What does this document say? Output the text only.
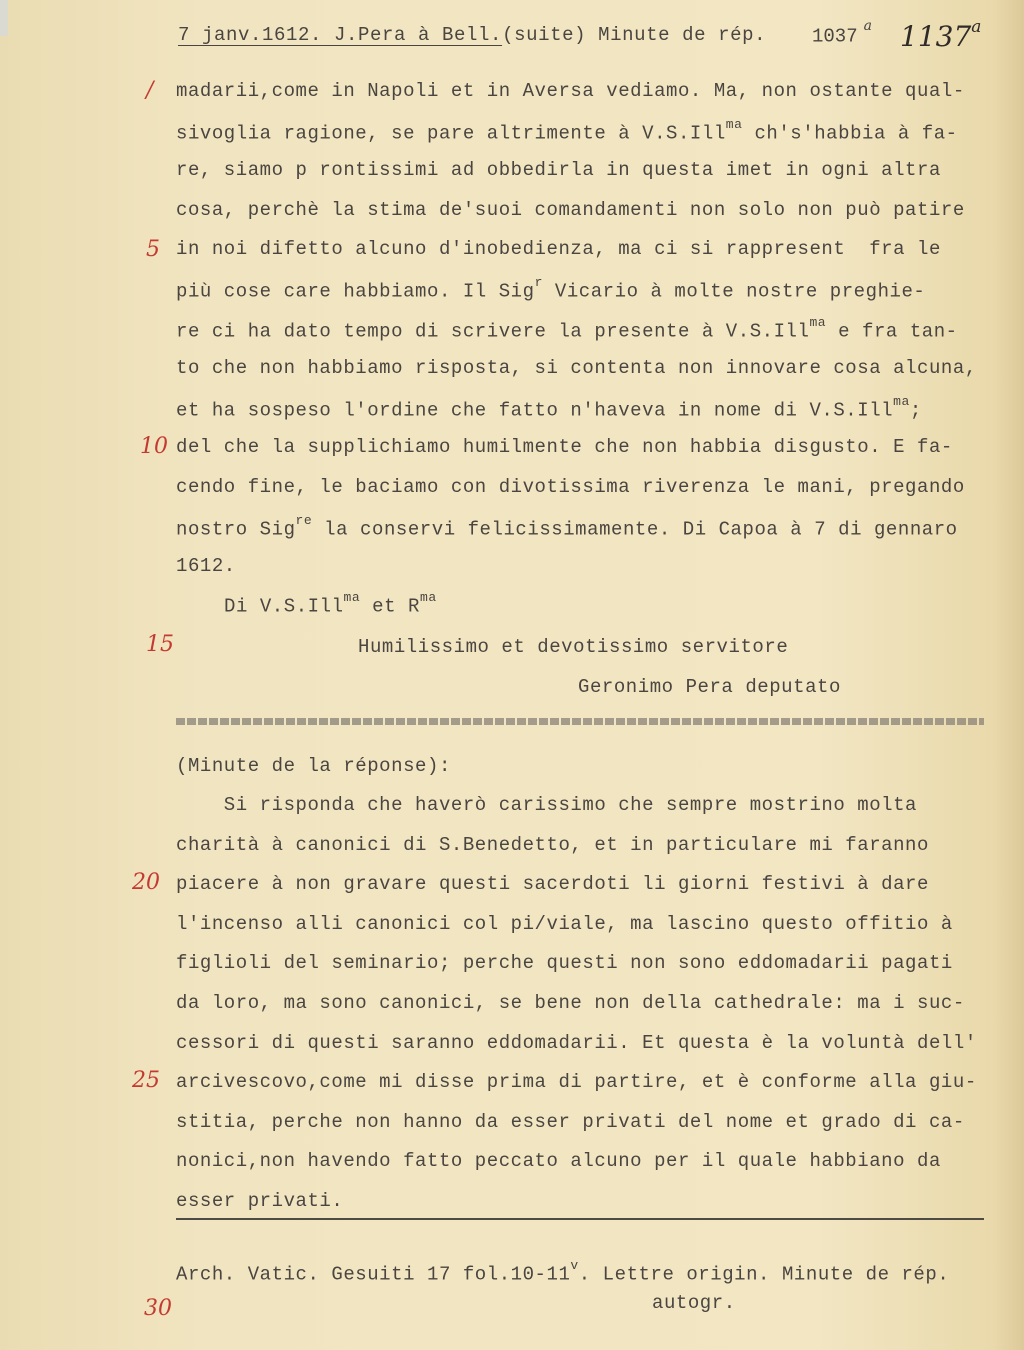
7 janv.1612. J.Pera à Bell.(suite) Minute de rép. 1037 $^a$ 1137$^a$
madarii,come in Napoli et in Aversa vediamo. Ma, non ostante qual-
sivoglia ragione, se pare altrimente à V.S.Ill$^{ma}$ ch's'habbia à fa-
re, siamo p rontissimi ad obbedirla in questa imet in ogni altra
cosa, perchè la stima de'suoi comandamenti non solo non può patire
in noi difetto alcuno d'inobedienza, ma ci si rappresent  fra le
più cose care habbiamo. Il Sig$^r$ Vicario à molte nostre preghie-
re ci ha dato tempo di scrivere la presente à V.S.Ill$^{ma}$ e fra tan-
to che non habbiamo risposta, si contenta non innovare cosa alcuna,
et ha sospeso l'ordine che fatto n'haveva in nome di V.S.Ill$^{ma}$;
del che la supplichiamo humilmente che non habbia disgusto. E fa-
cendo fine, le baciamo con divotissima riverenza le mani, pregando
nostro Sig$^{re}$ la conservi felicissimamente. Di Capoa à 7 di gennaro
1612.
Di V.S.Ill$^{ma}$ et $R^{ma}$
Humilissimo et devotissimo servitore
Geronimo Pera deputato
(Minute de la réponse):
Si risponda che haverò carissimo che sempre mostrino molta
charità à canonici di S.Benedetto, et in particulare mi faranno
piacere à non gravare questi sacerdoti li giorni festivi à dare
l'incenso alli canonici col pi/viale, ma lascino questo offitio à
figlioli del seminario; perche questi non sono eddomadarii pagati
da loro, ma sono canonici, se bene non della cathedrale: ma i suc-
cessori di questi saranno eddomadarii. Et questa è la voluntà dell'
arcivescovo,come mi disse prima di partire, et è conforme alla giu-
stitia, perche non hanno da esser privati del nome et grado di ca-
nonici,non havendo fatto peccato alcuno per il quale habbiano da
esser privati.
Arch. Vatic. Gesuiti 17 fol.10-11$^v$. Lettre origin. Minute de rép.
autogr.
/
5
10
15
20
25
30
